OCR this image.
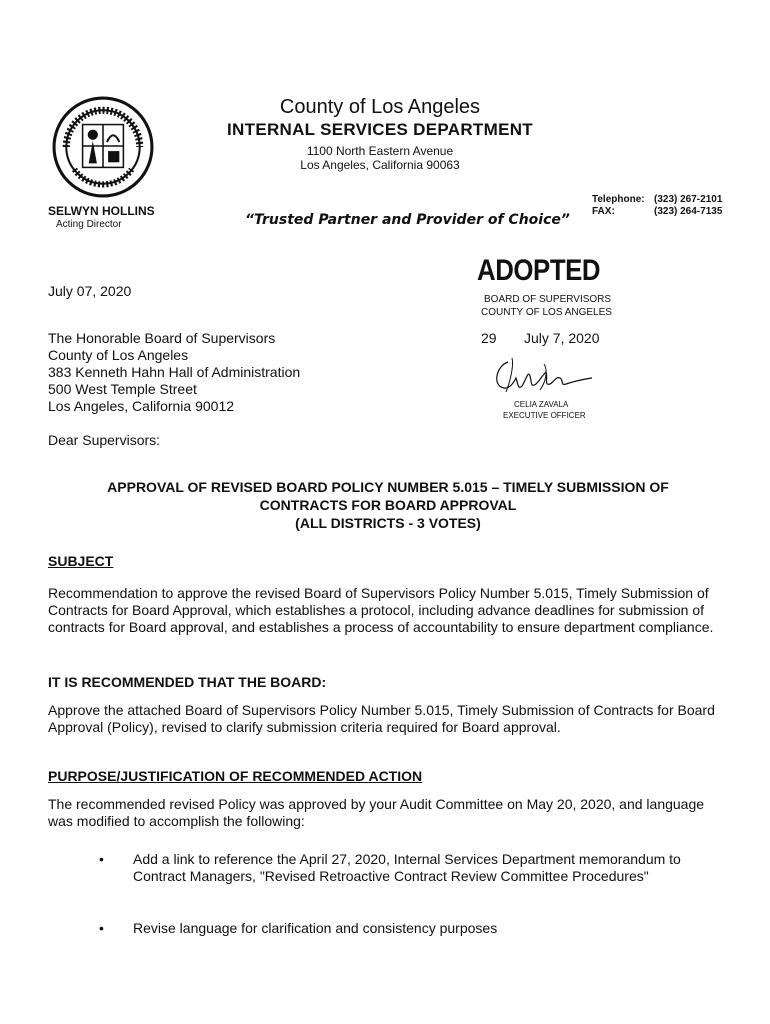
County of Los Angeles
INTERNAL SERVICES DEPARTMENT
1100 North Eastern Avenue
Los Angeles, California 90063
SELWYN HOLLINS
Acting Director	“Trusted Partner and Provider of Choice”
Telephone: (323) 267-2101
FAX:	(323) 264-7135
ADOPTED
BOARD OF SUPERVISORS
COUNTY OF LOS ANGELES
29 July 7, 2020
CELIA ZAVALA
EXECUTIVE OFFICER
July 07, 2020
The Honorable Board of Supervisors
County of Los Angeles
383 Kenneth Hahn Hall of Administration
500 West Temple Street
Los Angeles, California 90012
Dear Supervisors:
APPROVAL OF REVISED BOARD POLICY NUMBER 5.015 – TIMELY SUBMISSION OF
CONTRACTS FOR BOARD APPROVAL
(ALL DISTRICTS - 3 VOTES)
SUBJECT
Recommendation to approve the revised Board of Supervisors Policy Number 5.015, Timely Submission of Contracts for Board Approval, which establishes a protocol, including advance deadlines for submission of contracts for Board approval, and establishes a process of accountability to ensure department compliance.
IT IS RECOMMENDED THAT THE BOARD:
Approve the attached Board of Supervisors Policy Number 5.015, Timely Submission of Contracts for Board Approval (Policy), revised to clarify submission criteria required for Board approval.
PURPOSE/JUSTIFICATION OF RECOMMENDED ACTION
The recommended revised Policy was approved by your Audit Committee on May 20, 2020, and language was modified to accomplish the following:
• Add a link to reference the April 27, 2020, Internal Services Department memorandum to Contract Managers, "Revised Retroactive Contract Review Committee Procedures"
• Revise language for clarification and consistency purposes
